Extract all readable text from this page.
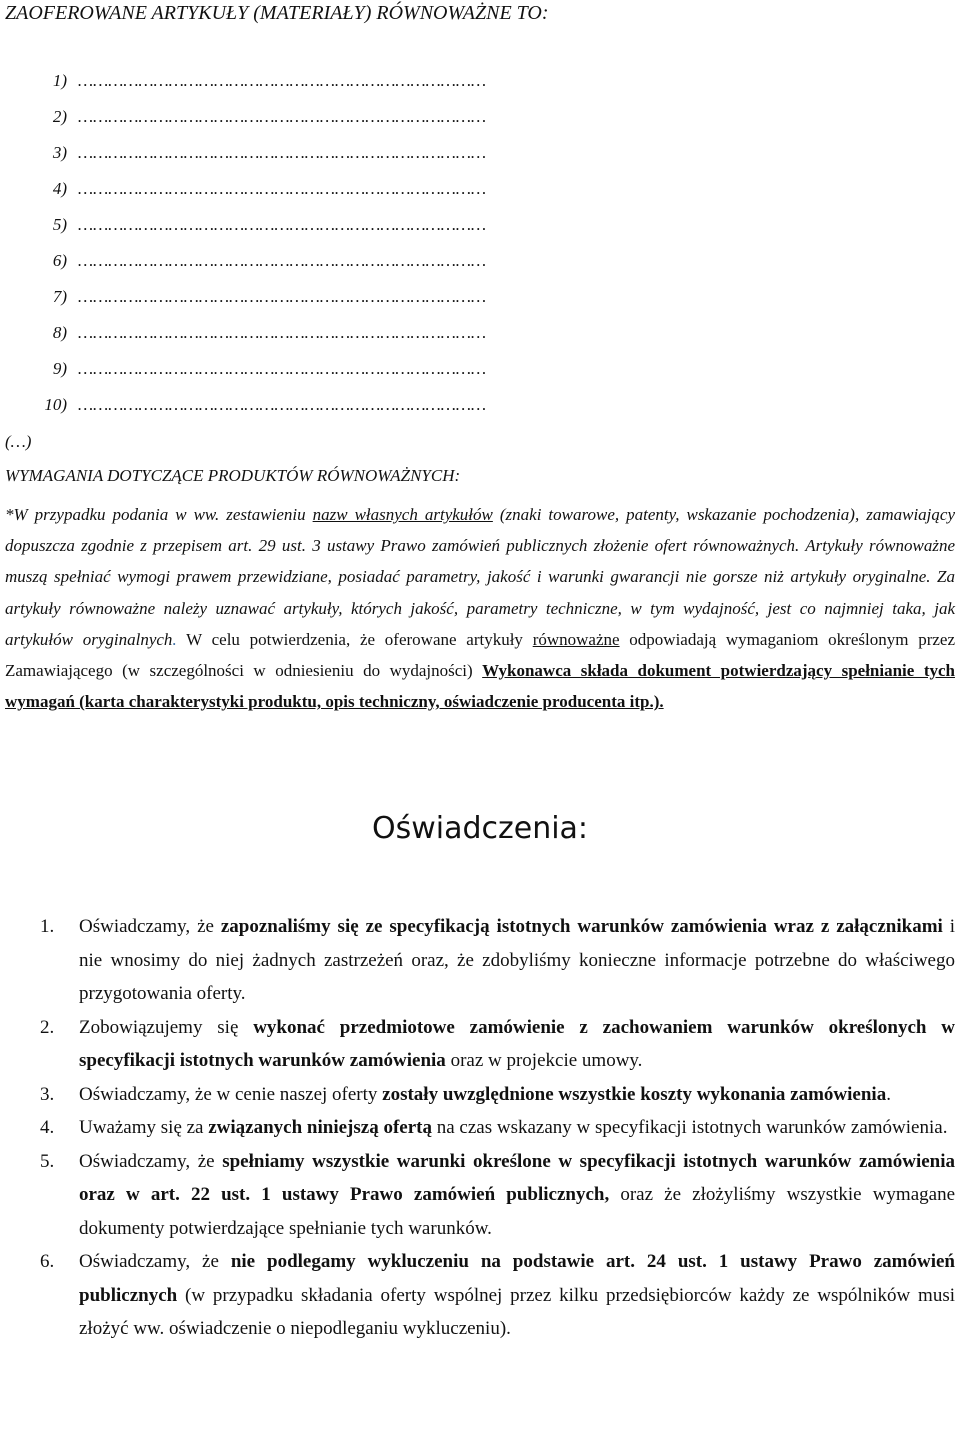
ZAOFEROWANE ARTYKUŁY (MATERIAŁY) RÓWNOWAŻNE TO:
1) ………………………………………………………………………
2) ………………………………………………………………………
3) ………………………………………………………………………
4) ………………………………………………………………………
5) ………………………………………………………………………
6) ………………………………………………………………………
7) ………………………………………………………………………
8) ………………………………………………………………………
9) ………………………………………………………………………
10) ………………………………………………………………………
(…)
WYMAGANIA DOTYCZĄCE PRODUKTÓW RÓWNOWAŻNYCH:
*W przypadku podania w ww. zestawieniu nazw własnych artykułów (znaki towarowe, patenty, wskazanie pochodzenia), zamawiający dopuszcza zgodnie z przepisem art. 29 ust. 3 ustawy Prawo zamówień publicznych złożenie ofert równoważnych. Artykuły równoważne muszą spełniać wymogi prawem przewidziane, posiadać parametry, jakość i warunki gwarancji nie gorsze niż artykuły oryginalne. Za artykuły równoważne należy uznawać artykuły, których jakość, parametry techniczne, w tym wydajność, jest co najmniej taka, jak artykułów oryginalnych. W celu potwierdzenia, że oferowane artykuły równoważne odpowiadają wymaganiom określonym przez Zamawiającego (w szczególności w odniesieniu do wydajności) Wykonawca składa dokument potwierdzający spełnianie tych wymagań (karta charakterystyki produktu, opis techniczny, oświadczenie producenta itp.).
Oświadczenia:
1. Oświadczamy, że zapoznaliśmy się ze specyfikacją istotnych warunków zamówienia wraz z załącznikami i nie wnosimy do niej żadnych zastrzeżeń oraz, że zdobyliśmy konieczne informacje potrzebne do właściwego przygotowania oferty.
2. Zobowiązujemy się wykonać przedmiotowe zamówienie z zachowaniem warunków określonych w specyfikacji istotnych warunków zamówienia oraz w projekcie umowy.
3. Oświadczamy, że w cenie naszej oferty zostały uwzględnione wszystkie koszty wykonania zamówienia.
4. Uważamy się za związanych niniejszą ofertą na czas wskazany w specyfikacji istotnych warunków zamówienia.
5. Oświadczamy, że spełniamy wszystkie warunki określone w specyfikacji istotnych warunków zamówienia oraz w art. 22 ust. 1 ustawy Prawo zamówień publicznych, oraz że złożyliśmy wszystkie wymagane dokumenty potwierdzające spełnianie tych warunków.
6. Oświadczamy, że nie podlegamy wykluczeniu na podstawie art. 24 ust. 1 ustawy Prawo zamówień publicznych (w przypadku składania oferty wspólnej przez kilku przedsiębiorców każdy ze wspólników musi złożyć ww. oświadczenie o niepodleganiu wykluczeniu).
